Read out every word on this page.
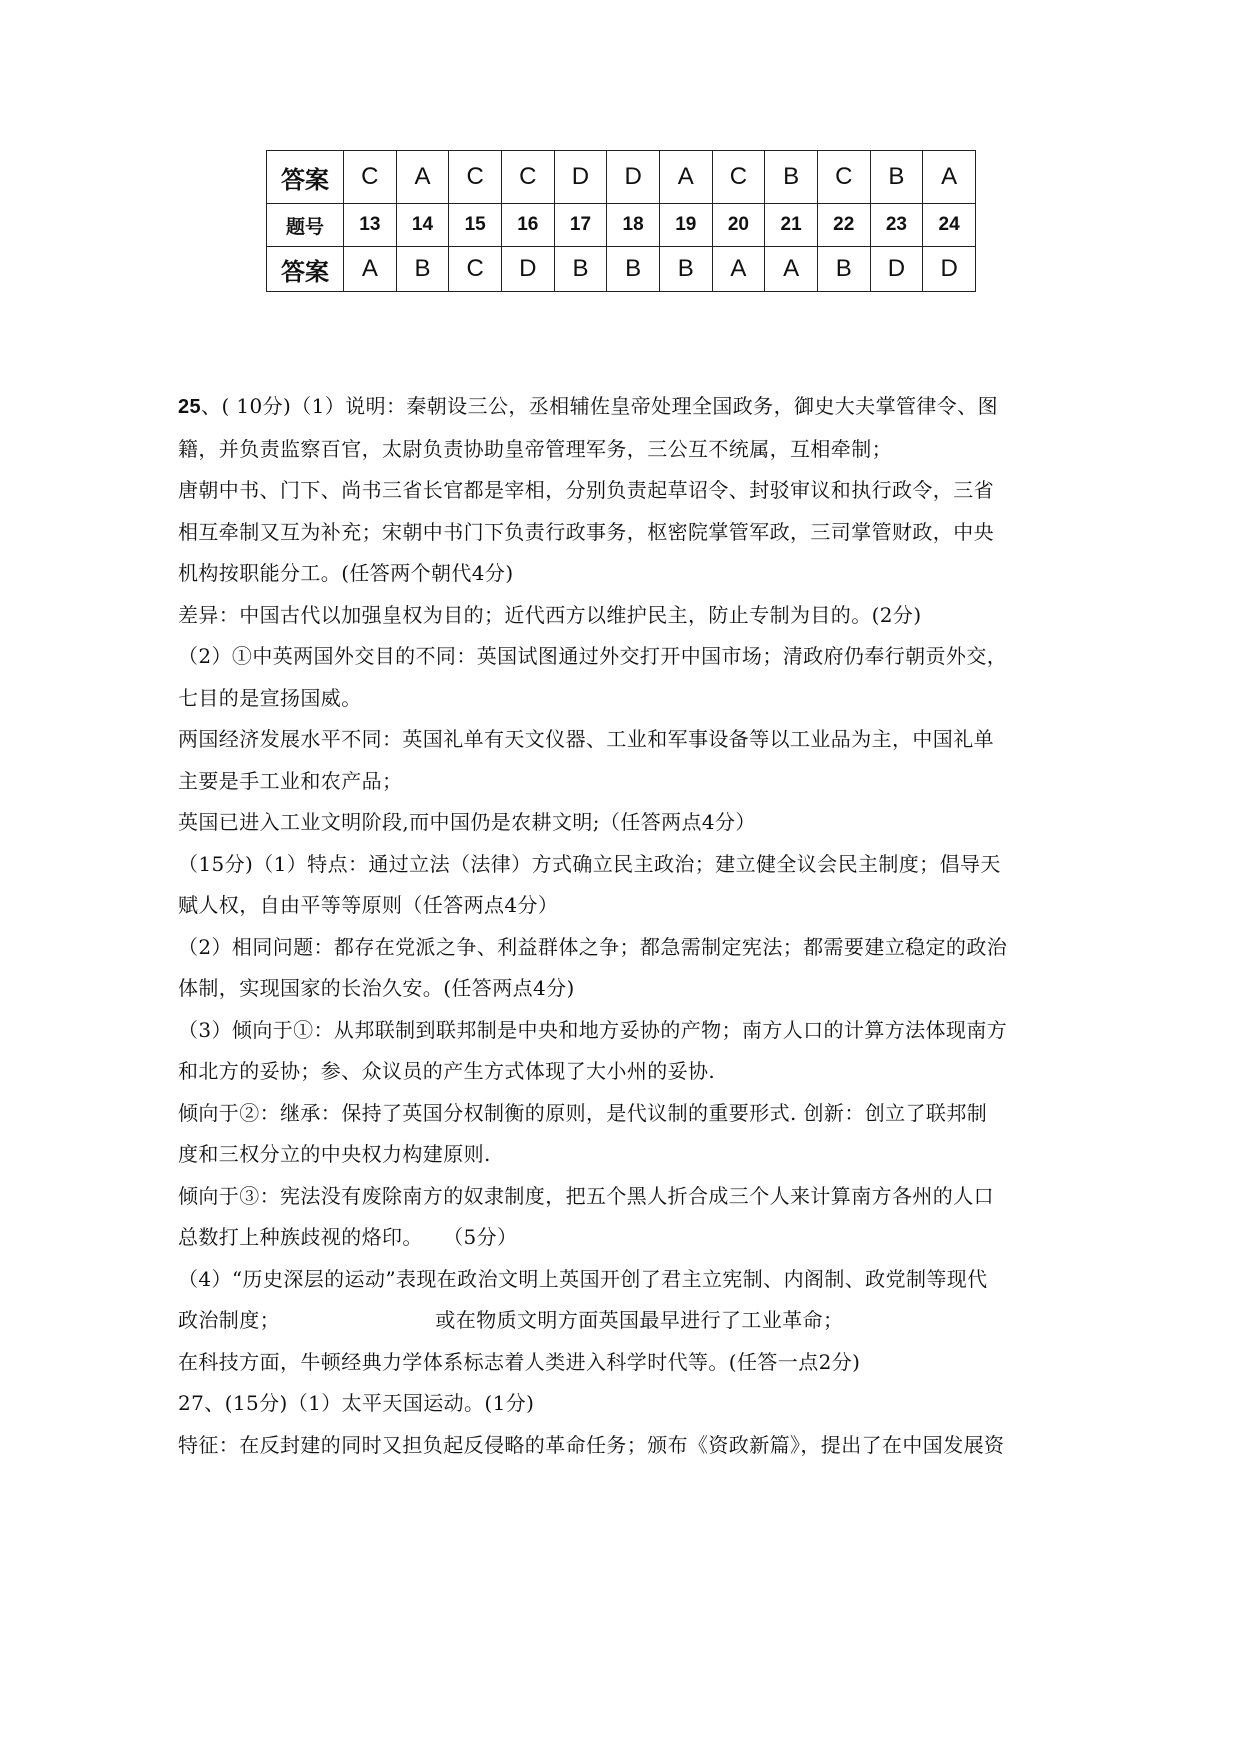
答案	C	A	C	C	D	D	A	C	B	C	B	A
题号	13	14	15	16	17	18	19	20	21	22	23	24
答案	A	B	C	D	B	B	B	A	A	B	D	D

25、( 10分)（1）说明：秦朝设三公，丞相辅佐皇帝处理全国政务，御史大夫掌管律令、图

籍，并负责监察百官，太尉负责协助皇帝管理军务，三公互不统属，互相牵制；

唐朝中书、门下、尚书三省长官都是宰相，分别负责起草诏令、封驳审议和执行政令，三省

相互牵制又互为补充；宋朝中书门下负责行政事务，枢密院掌管军政，三司掌管财政，中央

机构按职能分工。(任答两个朝代4分)

差异：中国古代以加强皇权为目的；近代西方以维护民主，防止专制为目的。(2分)

（2）①中英两国外交目的不同：英国试图通过外交打开中国市场；清政府仍奉行朝贡外交，

七目的是宣扬国威。

两国经济发展水平不同：英国礼单有天文仪器、工业和军事设备等以工业品为主，中国礼单

主要是手工业和农产品；

英国已进入工业文明阶段,而中国仍是农耕文明;（任答两点4分）

（15分)（1）特点：通过立法（法律）方式确立民主政治；建立健全议会民主制度；倡导天

赋人权，自由平等等原则（任答两点4分）

（2）相同问题：都存在党派之争、利益群体之争；都急需制定宪法；都需要建立稳定的政治

体制，实现国家的长治久安。(任答两点4分)

（3）倾向于①：从邦联制到联邦制是中央和地方妥协的产物；南方人口的计算方法体现南方

和北方的妥协；参、众议员的产生方式体现了大小州的妥协.

倾向于②：继承：保持了英国分权制衡的原则，是代议制的重要形式. 创新：创立了联邦制

度和三权分立的中央权力构建原则.

倾向于③：宪法没有废除南方的奴隶制度，把五个黑人折合成三个人来计算南方各州的人口

总数打上种族歧视的烙印。   （5分）

（4）“历史深层的运动”表现在政治文明上英国开创了君主立宪制、内阁制、政党制等现代

政治制度；                       或在物质文明方面英国最早进行了工业革命；

在科技方面，牛顿经典力学体系标志着人类进入科学时代等。(任答一点2分)

27、(15分)（1）太平天国运动。(1分)

特征：在反封建的同时又担负起反侵略的革命任务；颁布《资政新篇》，提出了在中国发展资
